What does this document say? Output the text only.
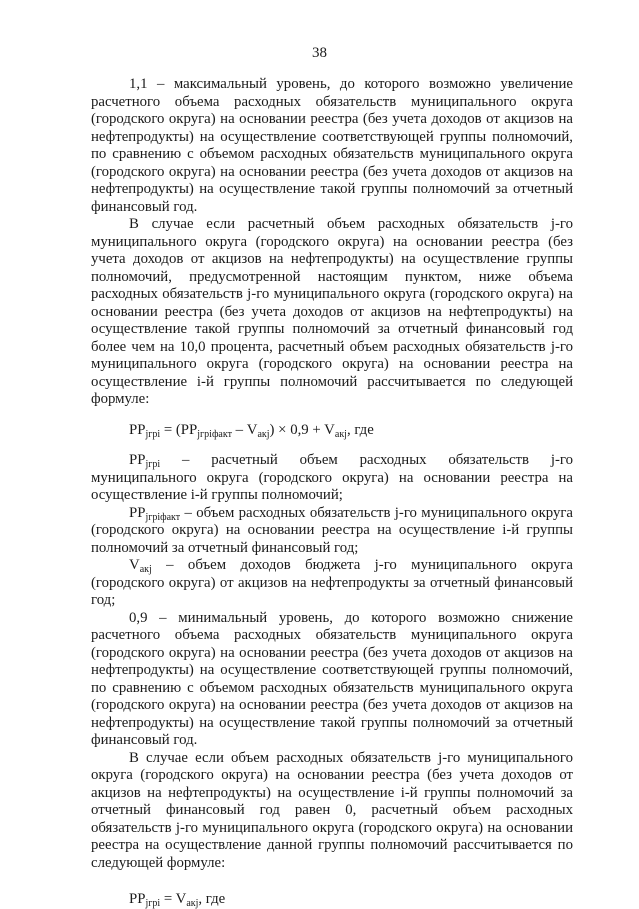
38

1,1 – максимальный уровень, до которого возможно увеличение расчетного объема расходных обязательств муниципального округа (городского округа) на основании реестра (без учета доходов от акцизов на нефтепродукты) на осуществление соответствующей группы полномочий, по сравнению с объемом расходных обязательств муниципального округа (городского округа) на основании реестра (без учета доходов от акцизов на нефтепродукты) на осуществление такой группы полномочий за отчетный финансовый год.

В случае если расчетный объем расходных обязательств j-го муниципального округа (городского округа) на основании реестра (без учета доходов от акцизов на нефтепродукты) на осуществление группы полномочий, предусмотренной настоящим пунктом, ниже объема расходных обязательств j-го муниципального округа (городского округа) на основании реестра (без учета доходов от акцизов на нефтепродукты) на осуществление такой группы полномочий за отчетный финансовый год более чем на 10,0 процента, расчетный объем расходных обязательств j-го муниципального округа (городского округа) на основании реестра на осуществление i-й группы полномочий рассчитывается по следующей формуле:

$PP_{jгрi} = (PP_{jгрiфакт} - V_{акj}) \times 0,9 + V_{акj}$, где

$PP_{jгрi}$ – расчетный объем расходных обязательств j-го муниципального округа (городского округа) на основании реестра на осуществление i-й группы полномочий;

$PP_{jгрiфакт}$ – объем расходных обязательств j-го муниципального округа (городского округа) на основании реестра на осуществление i-й группы полномочий за отчетный финансовый год;

$V_{акj}$ – объем доходов бюджета j-го муниципального округа (городского округа) от акцизов на нефтепродукты за отчетный финансовый год;

0,9 – минимальный уровень, до которого возможно снижение расчетного объема расходных обязательств муниципального округа (городского округа) на основании реестра (без учета доходов от акцизов на нефтепродукты) на осуществление соответствующей группы полномочий, по сравнению с объемом расходных обязательств муниципального округа (городского округа) на основании реестра (без учета доходов от акцизов на нефтепродукты) на осуществление такой группы полномочий за отчетный финансовый год.

В случае если объем расходных обязательств j-го муниципального округа (городского округа) на основании реестра (без учета доходов от акцизов на нефтепродукты) на осуществление i-й группы полномочий за отчетный финансовый год равен 0, расчетный объем расходных обязательств j-го муниципального округа (городского округа) на основании реестра на осуществление данной группы полномочий рассчитывается по следующей формуле:

$PP_{jгрi} = V_{акj}$, где
